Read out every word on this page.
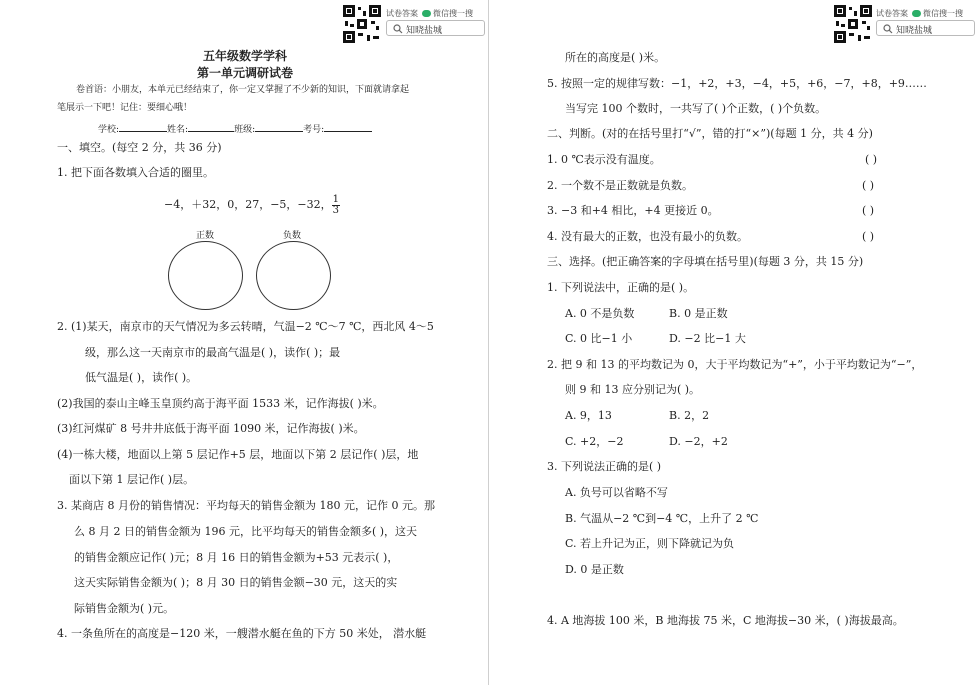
试卷答案 微信搜一搜
知晓盐城
五年级数学学科
第一单元调研试卷
卷首语：小朋友，本单元已经结束了，你一定又掌握了不少新的知识，下面就请拿起
笔展示一下吧！记住：要细心哦！
学校:	姓名:	班级:	考号:
一、填空。(每空 2 分，共 36 分)
1. 把下面各数填入合适的圈里。
−4，＋32，0，27，−5，−32， $\frac{1}{3}$
正数	负数
2. (1)某天，南京市的天气情况为多云转晴，气温−2 ℃～7 ℃，西北风 4～5
级，那么这一天南京市的最高气温是( )，读作( )；最
低气温是( )，读作( )。
(2)我国的泰山主峰玉皇顶约高于海平面 1533 米，记作海拔( )米。
(3)红河煤矿 8 号井井底低于海平面 1090 米，记作海拔( )米。
(4)一栋大楼，地面以上第 5 层记作+5 层，地面以下第 2 层记作( )层，地
面以下第 1 层记作( )层。
3. 某商店 8 月份的销售情况：平均每天的销售金额为 180 元，记作 0 元。那
么 8 月 2 日的销售金额为 196 元，比平均每天的销售金额多( )，这天
的销售金额应记作( )元；8 月 16 日的销售金额为+53 元表示( )，
这天实际销售金额为( )；8 月 30 日的销售金额−30 元，这天的实
际销售金额为( )元。
4. 一条鱼所在的高度是−120 米，一艘潜水艇在鱼的下方 50 米处， 潜水艇
试卷答案 微信搜一搜
知晓盐城
所在的高度是( )米。
5. 按照一定的规律写数：−1，+2，+3，−4，+5，+6，−7，+8，+9……
当写完 100 个数时，一共写了( )个正数，( )个负数。
二、判断。(对的在括号里打“√”，错的打“×”)(每题 1 分，共 4 分)
1. 0 ℃表示没有温度。	( )
2. 一个数不是正数就是负数。	( )
3. −3 和+4 相比，+4 更接近 0。	( )
4. 没有最大的正数，也没有最小的负数。	( )
三、选择。(把正确答案的字母填在括号里)(每题 3 分，共 15 分)
1. 下列说法中，正确的是( )。
A. 0 不是负数	B. 0 是正数
C. 0 比−1 小	D. −2 比−1 大
2. 把 9 和 13 的平均数记为 0，大于平均数记为“+”，小于平均数记为“−”，
则 9 和 13 应分别记为( )。
A. 9，13	B. 2，2
C. +2，−2	D. −2，+2
3. 下列说法正确的是( )
A. 负号可以省略不写
B. 气温从−2 ℃到−4 ℃，上升了 2 ℃
C. 若上升记为正，则下降就记为负
D. 0 是正数
4. A 地海拔 100 米，B 地海拔 75 米，C 地海拔−30 米，( )海拔最高。
